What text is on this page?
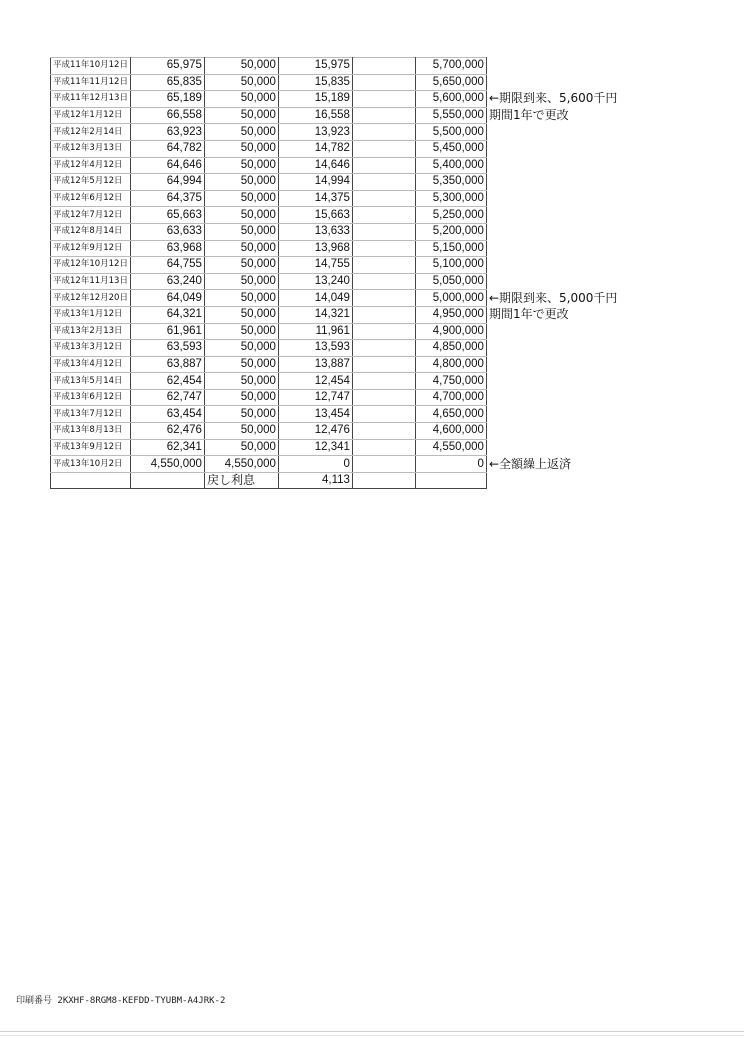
平成11年10月12日	65,975	50,000	15,975		5,700,000	
平成11年11月12日	65,835	50,000	15,835		5,650,000	
平成11年12月13日	65,189	50,000	15,189		5,600,000	←期限到来、5,600千円
平成12年1月12日	66,558	50,000	16,558		5,550,000	期間1年で更改
平成12年2月14日	63,923	50,000	13,923		5,500,000	
平成12年3月13日	64,782	50,000	14,782		5,450,000	
平成12年4月12日	64,646	50,000	14,646		5,400,000	
平成12年5月12日	64,994	50,000	14,994		5,350,000	
平成12年6月12日	64,375	50,000	14,375		5,300,000	
平成12年7月12日	65,663	50,000	15,663		5,250,000	
平成12年8月14日	63,633	50,000	13,633		5,200,000	
平成12年9月12日	63,968	50,000	13,968		5,150,000	
平成12年10月12日	64,755	50,000	14,755		5,100,000	
平成12年11月13日	63,240	50,000	13,240		5,050,000	
平成12年12月20日	64,049	50,000	14,049		5,000,000	←期限到来、5,000千円
平成13年1月12日	64,321	50,000	14,321		4,950,000	期間1年で更改
平成13年2月13日	61,961	50,000	11,961		4,900,000	
平成13年3月12日	63,593	50,000	13,593		4,850,000	
平成13年4月12日	63,887	50,000	13,887		4,800,000	
平成13年5月14日	62,454	50,000	12,454		4,750,000	
平成13年6月12日	62,747	50,000	12,747		4,700,000	
平成13年7月12日	63,454	50,000	13,454		4,650,000	
平成13年8月13日	62,476	50,000	12,476		4,600,000	
平成13年9月12日	62,341	50,000	12,341		4,550,000	
平成13年10月2日	4,550,000	4,550,000	0		0	←全額繰上返済
		戻し利息	4,113			
印刷番号 2KXHF-8RGM8-KEFDD-TYUBM-A4JRK-2
